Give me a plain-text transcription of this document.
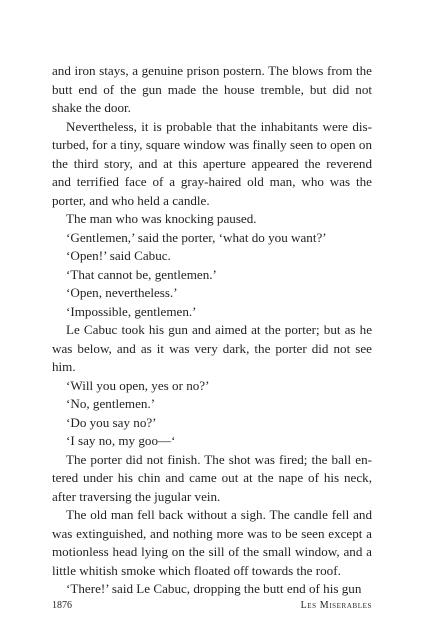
and iron stays, a genuine prison postern. The blows from the butt end of the gun made the house tremble, but did not shake the door.

Nevertheless, it is probable that the inhabitants were disturbed, for a tiny, square window was finally seen to open on the third story, and at this aperture appeared the reverend and terrified face of a gray-haired old man, who was the porter, and who held a candle.

The man who was knocking paused.

‘Gentlemen,’ said the porter, ‘what do you want?’

‘Open!’ said Cabuc.

‘That cannot be, gentlemen.’

‘Open, nevertheless.’

‘Impossible, gentlemen.’

Le Cabuc took his gun and aimed at the porter; but as he was below, and as it was very dark, the porter did not see him.

‘Will you open, yes or no?’

‘No, gentlemen.’

‘Do you say no?’

‘I say no, my goo—‘

The porter did not finish. The shot was fired; the ball entered under his chin and came out at the nape of his neck, after traversing the jugular vein.

The old man fell back without a sigh. The candle fell and was extinguished, and nothing more was to be seen except a motionless head lying on the sill of the small window, and a little whitish smoke which floated off towards the roof.

‘There!’ said Le Cabuc, dropping the butt end of his gun

1876	Les Miserables
